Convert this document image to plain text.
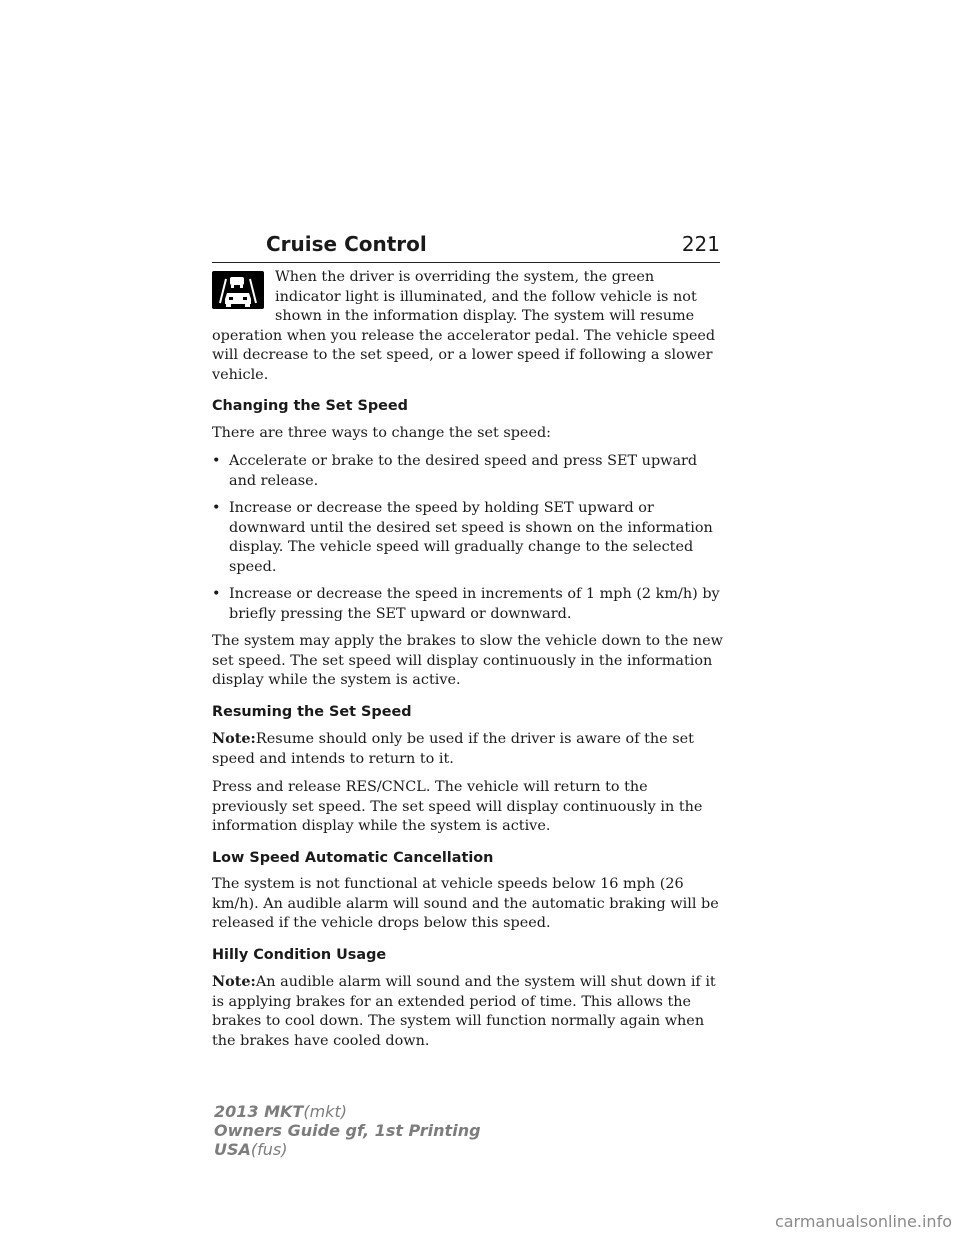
Cruise Control	221

When the driver is overriding the system, the green indicator light is illuminated, and the follow vehicle is not shown in the information display. The system will resume operation when you release the accelerator pedal. The vehicle speed will decrease to the set speed, or a lower speed if following a slower vehicle.

Changing the Set Speed

There are three ways to change the set speed:

• Accelerate or brake to the desired speed and press SET upward and release.
• Increase or decrease the speed by holding SET upward or downward until the desired set speed is shown on the information display. The vehicle speed will gradually change to the selected speed.
• Increase or decrease the speed in increments of 1 mph (2 km/h) by briefly pressing the SET upward or downward.

The system may apply the brakes to slow the vehicle down to the new set speed. The set speed will display continuously in the information display while the system is active.

Resuming the Set Speed

Note:Resume should only be used if the driver is aware of the set speed and intends to return to it.

Press and release RES/CNCL. The vehicle will return to the previously set speed. The set speed will display continuously in the information display while the system is active.

Low Speed Automatic Cancellation

The system is not functional at vehicle speeds below 16 mph (26 km/h). An audible alarm will sound and the automatic braking will be released if the vehicle drops below this speed.

Hilly Condition Usage

Note:An audible alarm will sound and the system will shut down if it is applying brakes for an extended period of time. This allows the brakes to cool down. The system will function normally again when the brakes have cooled down.

2013 MKT(mkt)
Owners Guide gf, 1st Printing
USA(fus)
carmanualsonline.info
